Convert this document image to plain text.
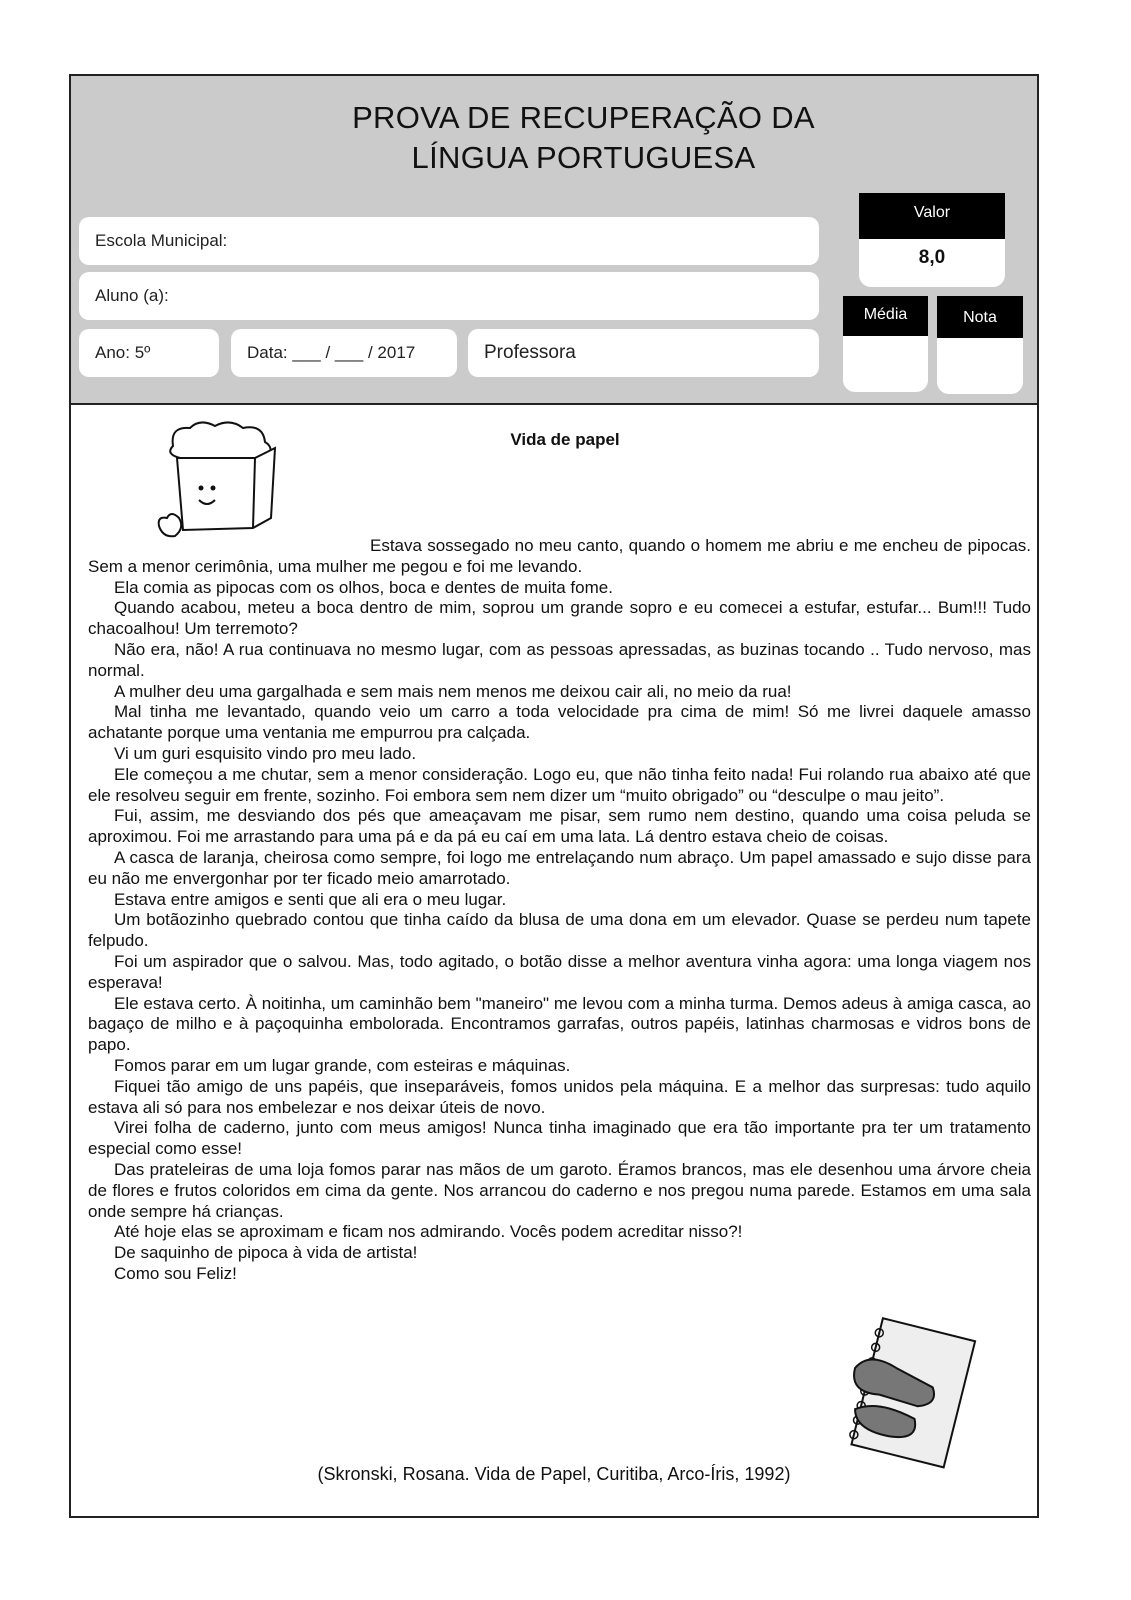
PROVA DE RECUPERAÇÃO DA
LÍNGUA PORTUGUESA
Escola Municipal:
Aluno (a):
Ano: 5º	Data: ___ / ___ / 2017	Professora
Valor
8,0
Média	Nota
(Skronski, Rosana. Vida de Papel, Curitiba, Arco-Íris, 1992)
Vida de papel

Estava sossegado no meu canto, quando o homem me abriu e me encheu de pipocas. Sem a menor cerimônia, uma mulher me pegou e foi me levando.

Ela comia as pipocas com os olhos, boca e dentes de muita fome.

Quando acabou, meteu a boca dentro de mim, soprou um grande sopro e eu comecei a estufar, estufar... Bum!!! Tudo chacoalhou! Um terremoto?

Não era, não! A rua continuava no mesmo lugar, com as pessoas apressadas, as buzinas tocando .. Tudo nervoso, mas normal.

A mulher deu uma gargalhada e sem mais nem menos me deixou cair ali, no meio da rua!

Mal tinha me levantado, quando veio um carro a toda velocidade pra cima de mim! Só me livrei daquele amasso achatante porque uma ventania me empurrou pra calçada.

Vi um guri esquisito vindo pro meu lado.

Ele começou a me chutar, sem a menor consideração. Logo eu, que não tinha feito nada! Fui rolando rua abaixo até que ele resolveu seguir em frente, sozinho. Foi embora sem nem dizer um “muito obrigado” ou “desculpe o mau jeito”.

Fui, assim, me desviando dos pés que ameaçavam me pisar, sem rumo nem destino, quando uma coisa peluda se aproximou. Foi me arrastando para uma pá e da pá eu caí em uma lata. Lá dentro estava cheio de coisas.

A casca de laranja, cheirosa como sempre, foi logo me entrelaçando num abraço. Um papel amassado e sujo disse para eu não me envergonhar por ter ficado meio amarrotado.

Estava entre amigos e senti que ali era o meu lugar.

Um botãozinho quebrado contou que tinha caído da blusa de uma dona em um elevador. Quase se perdeu num tapete felpudo.

Foi um aspirador que o salvou. Mas, todo agitado, o botão disse a melhor aventura vinha agora: uma longa viagem nos esperava!

Ele estava certo. À noitinha, um caminhão bem "maneiro" me levou com a minha turma. Demos adeus à amiga casca, ao bagaço de milho e à paçoquinha embolorada. Encontramos garrafas, outros papéis, latinhas charmosas e vidros bons de papo.

Fomos parar em um lugar grande, com esteiras e máquinas.

Fiquei tão amigo de uns papéis, que inseparáveis, fomos unidos pela máquina. E a melhor das surpresas: tudo aquilo estava ali só para nos embelezar e nos deixar úteis de novo.

Virei folha de caderno, junto com meus amigos! Nunca tinha imaginado que era tão importante pra ter um tratamento especial como esse!

Das prateleiras de uma loja fomos parar nas mãos de um garoto. Éramos brancos, mas ele desenhou uma árvore cheia de flores e frutos coloridos em cima da gente. Nos arrancou do caderno e nos pregou numa parede. Estamos em uma sala onde sempre há crianças.

Até hoje elas se aproximam e ficam nos admirando. Vocês podem acreditar nisso?!

De saquinho de pipoca à vida de artista!

Como sou Feliz!
